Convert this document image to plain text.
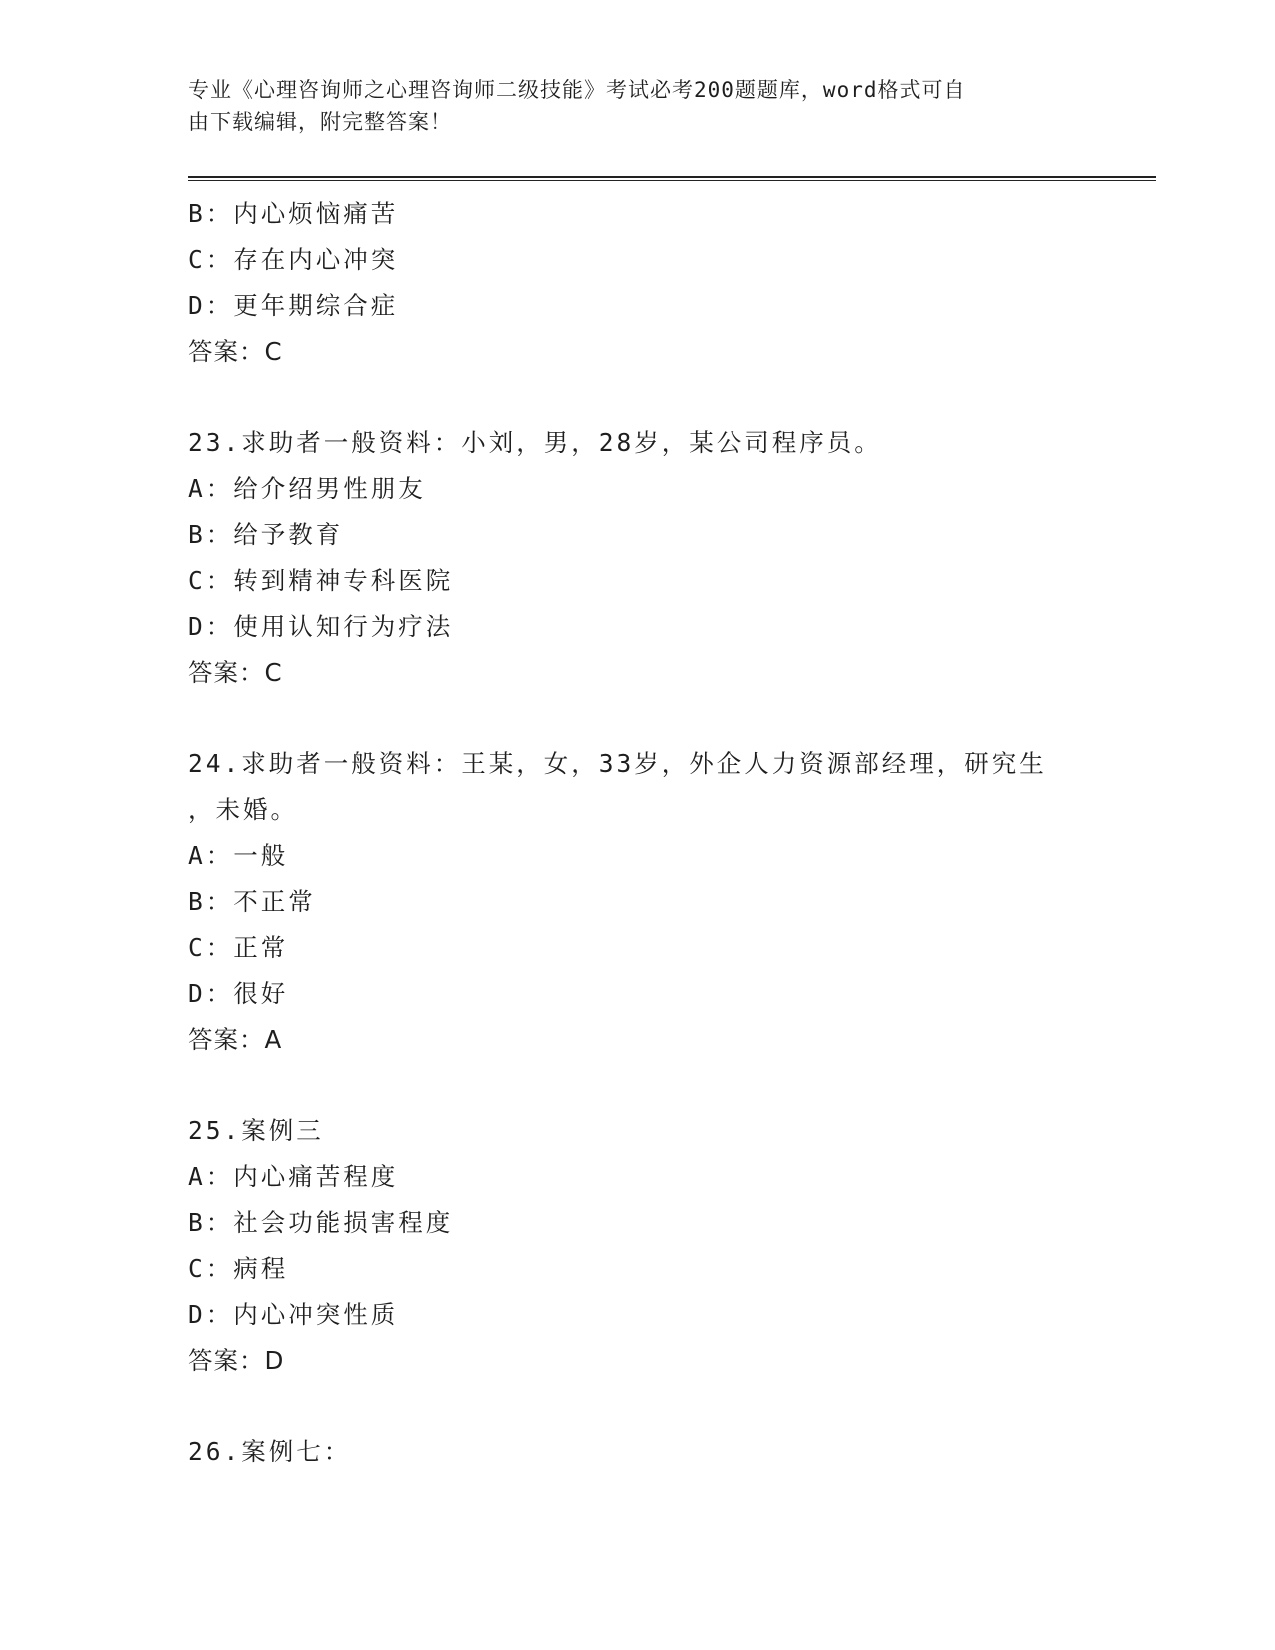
专业《心理咨询师之心理咨询师二级技能》考试必考200题题库，word格式可自
由下载编辑，附完整答案！
B：内心烦恼痛苦
C：存在内心冲突
D：更年期综合症
答案：C
23.求助者一般资料：小刘，男，28岁，某公司程序员。
A：给介绍男性朋友
B：给予教育
C：转到精神专科医院
D：使用认知行为疗法
答案：C
24.求助者一般资料：王某，女，33岁，外企人力资源部经理，研究生
，未婚。
A：一般
B：不正常
C：正常
D：很好
答案：A
25.案例三
A：内心痛苦程度
B：社会功能损害程度
C：病程
D：内心冲突性质
答案：D
26.案例七：
